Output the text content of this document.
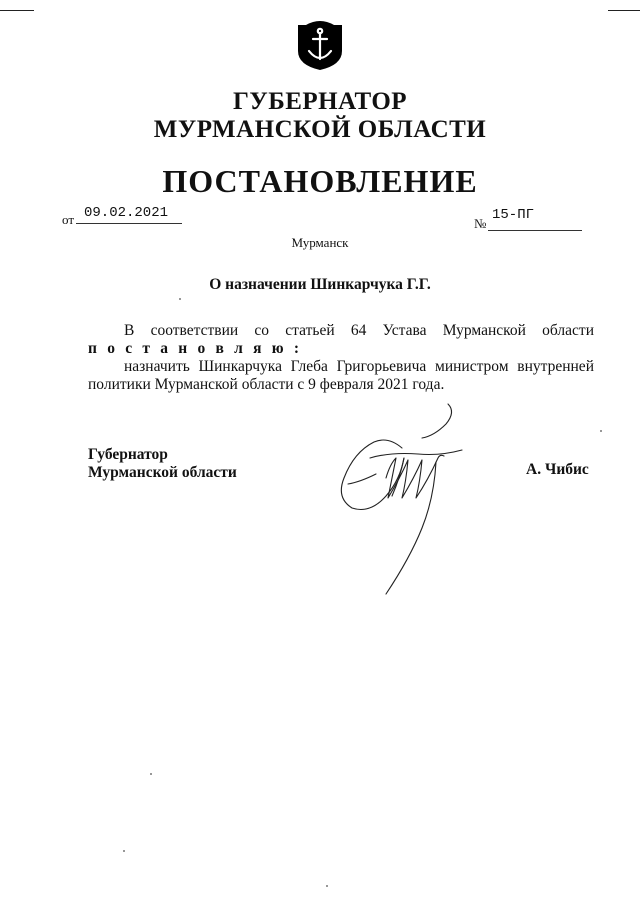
ГУБЕРНАТОР
МУРМАНСКОЙ ОБЛАСТИ
ПОСТАНОВЛЕНИЕ
от 09.02.2021
№
15-ПГ
Мурманск
О назначении Шинкарчука Г.Г.
В соответствии со статьей 64 Устава Мурманской области
п о с т а н о в л я ю :
назначить Шинкарчука Глеба Григорьевича министром внутренней
политики Мурманской области с 9 февраля 2021 года.
Губернатор
Мурманской области	А. Чибис
